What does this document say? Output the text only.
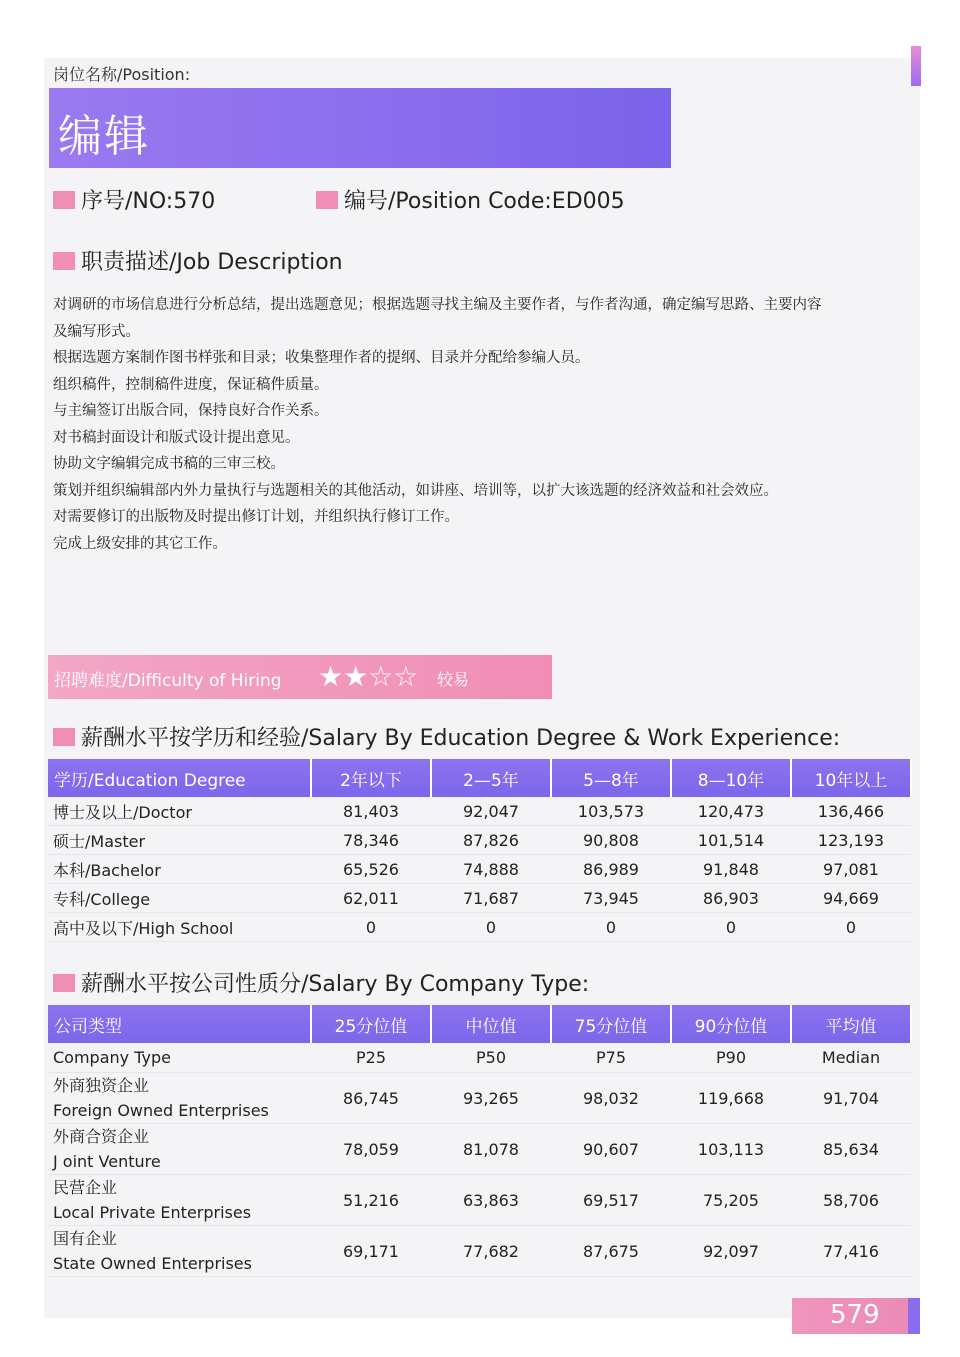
岗位名称/Position:
编辑
序号/NO:570	编号/Position Code:ED005
职责描述/Job Description
对调研的市场信息进行分析总结，提出选题意见；根据选题寻找主编及主要作者，与作者沟通，确定编写思路、主要内容
及编写形式。
根据选题方案制作图书样张和目录；收集整理作者的提纲、目录并分配给参编人员。
组织稿件，控制稿件进度，保证稿件质量。
与主编签订出版合同，保持良好合作关系。
对书稿封面设计和版式设计提出意见。
协助文字编辑完成书稿的三审三校。
策划并组织编辑部内外力量执行与选题相关的其他活动，如讲座、培训等，以扩大该选题的经济效益和社会效应。
对需要修订的出版物及时提出修订计划，并组织执行修订工作。
完成上级安排的其它工作。
招聘难度/Difficulty of Hiring ★★☆☆ 较易
薪酬水平按学历和经验/Salary By Education Degree & Work Experience:
学历/Education Degree	2年以下	2—5年	5—8年	8—10年	10年以上
博士及以上/Doctor	81,403	92,047	103,573	120,473	136,466
硕士/Master	78,346	87,826	90,808	101,514	123,193
本科/Bachelor	65,526	74,888	86,989	91,848	97,081
专科/College	62,011	71,687	73,945	86,903	94,669
高中及以下/High School	0	0	0	0	0
薪酬水平按公司性质分/Salary By Company Type:
公司类型	25分位值	中位值	75分位值	90分位值	平均值
Company Type	P25	P50	P75	P90	Median

外商独资企业
Foreign Owned Enterprises	86,745	93,265	98,032	119,668	91,704

外商合资企业
J oint Venture	78,059	81,078	90,607	103,113	85,634

民营企业
Local Private Enterprises	51,216	63,863	69,517	75,205	58,706

国有企业
State Owned Enterprises	69,171	77,682	87,675	92,097	77,416
579
